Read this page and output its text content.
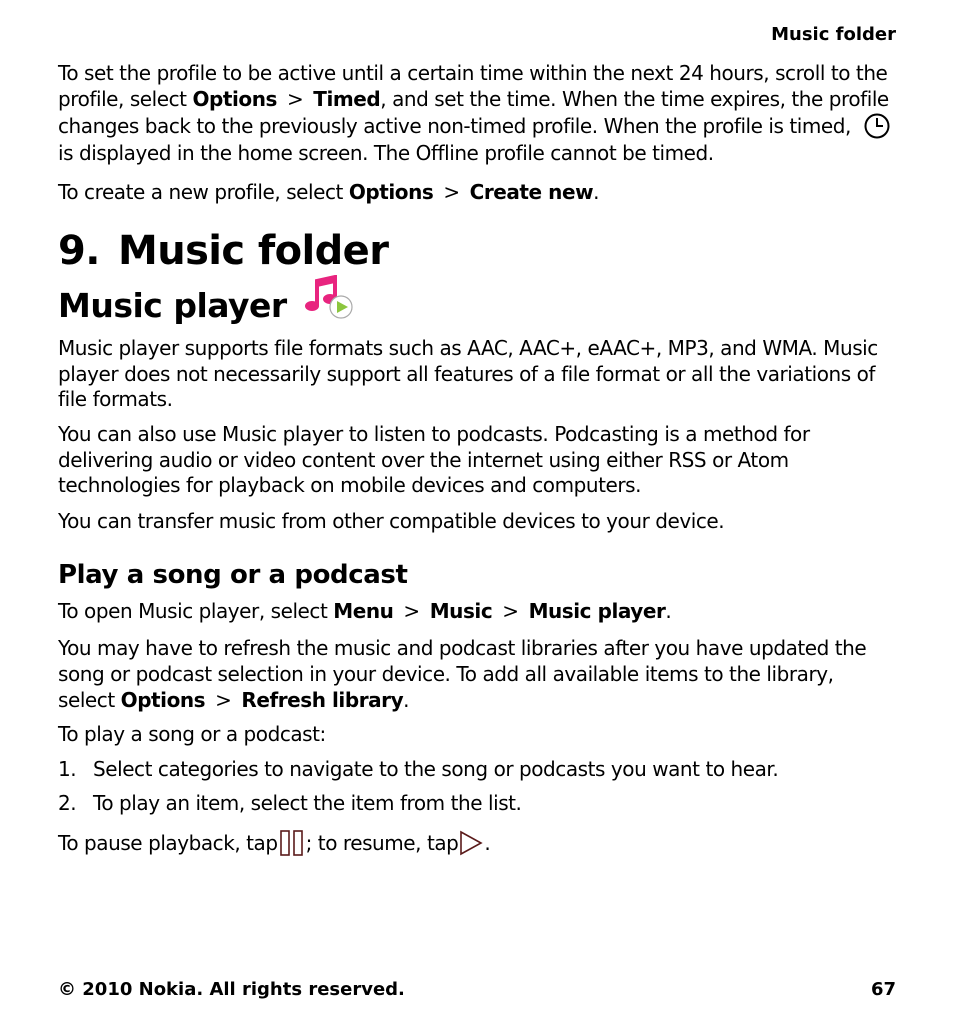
Music folder

To set the profile to be active until a certain time within the next 24 hours, scroll to the profile, select Options > Timed, and set the time. When the time expires, the profile changes back to the previously active non-timed profile. When the profile is timed,  is displayed in the home screen. The Offline profile cannot be timed.

To create a new profile, select Options > Create new.

9. Music folder
Music player

Music player supports file formats such as AAC, AAC+, eAAC+, MP3, and WMA. Music player does not necessarily support all features of a file format or all the variations of file formats.

You can also use Music player to listen to podcasts. Podcasting is a method for delivering audio or video content over the internet using either RSS or Atom technologies for playback on mobile devices and computers.

You can transfer music from other compatible devices to your device.

Play a song or a podcast

To open Music player, select Menu > Music > Music player.

You may have to refresh the music and podcast libraries after you have updated the song or podcast selection in your device. To add all available items to the library, select Options > Refresh library.

To play a song or a podcast:

1. Select categories to navigate to the song or podcasts you want to hear.

2. To play an item, select the item from the list.

To pause playback, tap ; to resume, tap .

© 2010 Nokia. All rights reserved.	67
